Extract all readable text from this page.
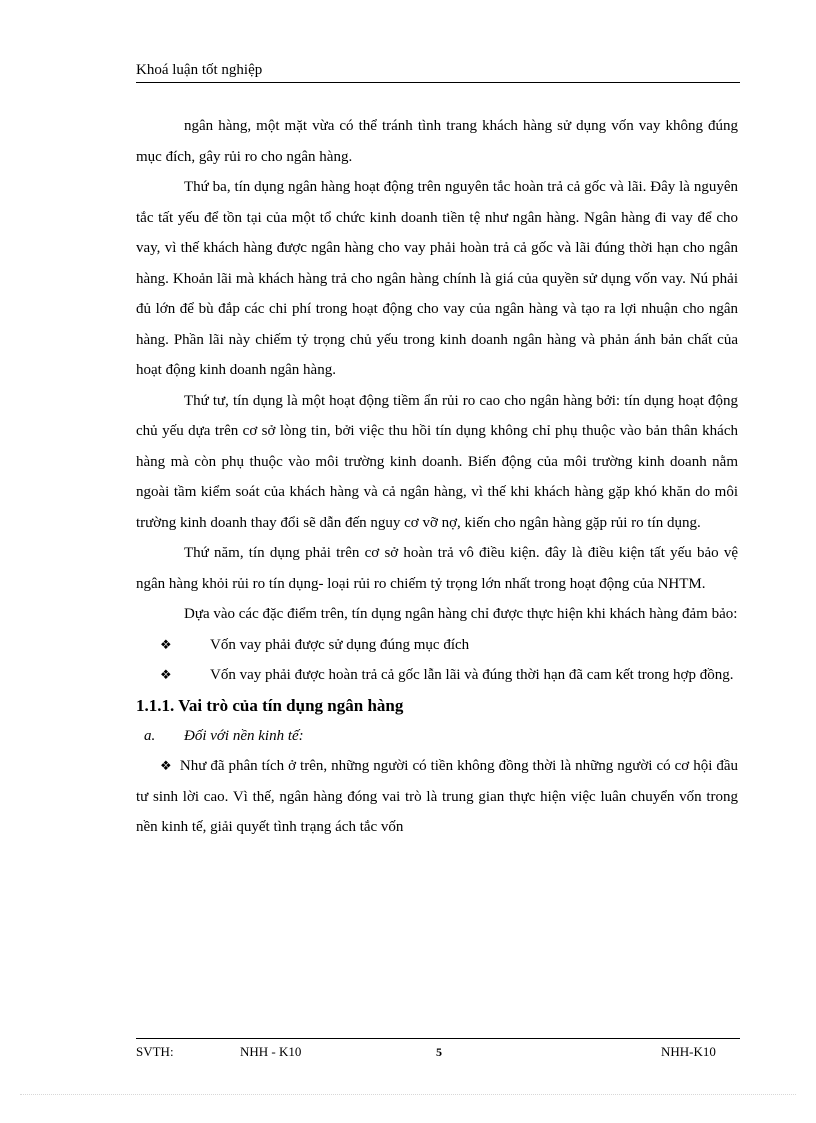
Khoá luận tốt nghiệp

ngân hàng, một mặt vừa có thể tránh tình trang khách hàng sử dụng vốn vay không đúng mục đích, gây rủi ro cho ngân hàng.

Thứ ba, tín dụng ngân hàng hoạt động trên nguyên tắc hoàn trả cả gốc và lãi. Đây là nguyên tắc tất yếu để tồn tại của một tổ chức kinh doanh tiền tệ như ngân hàng. Ngân hàng đi vay để cho vay, vì thế khách hàng được ngân hàng cho vay phải hoàn trả cả gốc và lãi đúng thời hạn cho ngân hàng. Khoản lãi mà khách hàng trả cho ngân hàng chính là giá của quyền sử dụng vốn vay. Nú phải đủ lớn để bù đắp các chi phí trong hoạt động cho vay của ngân hàng và tạo ra lợi nhuận cho ngân hàng. Phần lãi này chiếm tỷ trọng chủ yếu trong kinh doanh ngân hàng và phản ánh bản chất của hoạt động kinh doanh ngân hàng.

Thứ tư, tín dụng là một hoạt động tiềm ẩn rủi ro cao cho ngân hàng bởi: tín dụng hoạt động chủ yếu dựa trên cơ sở lòng tin, bởi việc thu hồi tín dụng không chỉ phụ thuộc vào bản thân khách hàng mà còn phụ thuộc vào môi trường kinh doanh. Biến động của môi trường kinh doanh nằm ngoài tầm kiểm soát của khách hàng và cả ngân hàng, vì thế khi khách hàng gặp khó khăn do môi trường kinh doanh thay đổi sẽ dẫn đến nguy cơ vỡ nợ, kiến cho ngân hàng gặp rủi ro tín dụng.

Thứ năm, tín dụng phải trên cơ sở hoàn trả vô điều kiện. đây là điều kiện tất yếu bảo vệ ngân hàng khỏi rủi ro tín dụng- loại rủi ro chiếm tỷ trọng lớn nhất trong hoạt động của NHTM.

Dựa vào các đặc điểm trên, tín dụng ngân hàng chỉ được thực hiện khi khách hàng đảm bảo:

❖	Vốn vay phải được sử dụng đúng mục đích

❖	Vốn vay phải được hoàn trả cả gốc lẫn lãi và đúng thời hạn đã cam kết trong hợp đồng.

1.1.1. Vai trò của tín dụng ngân hàng

a. Đối với nền kinh tế:

❖ Như đã phân tích ở trên, những người có tiền không đồng thời là những người có cơ hội đầu tư sinh lời cao. Vì thế, ngân hàng đóng vai trò là trung gian thực hiện việc luân chuyển vốn trong nền kinh tế, giải quyết tình trạng ách tắc vốn

SVTH:	NHH - K10	5	NHH-K10
